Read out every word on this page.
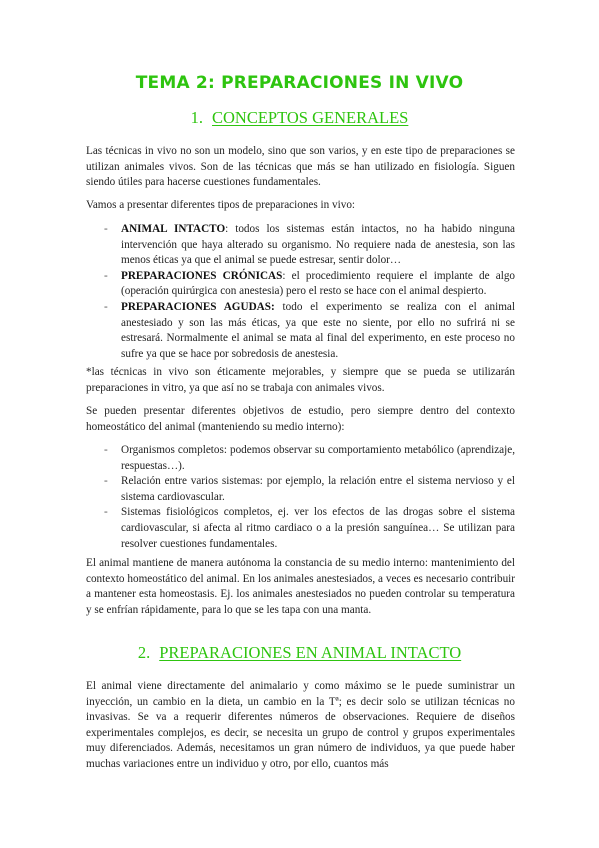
TEMA 2: PREPARACIONES IN VIVO
1. CONCEPTOS GENERALES

Las técnicas in vivo no son un modelo, sino que son varios, y en este tipo de preparaciones se utilizan animales vivos. Son de las técnicas que más se han utilizado en fisiología. Siguen siendo útiles para hacerse cuestiones fundamentales.

Vamos a presentar diferentes tipos de preparaciones in vivo:

- ANIMAL INTACTO: todos los sistemas están intactos, no ha habido ninguna intervención que haya alterado su organismo. No requiere nada de anestesia, son las menos éticas ya que el animal se puede estresar, sentir dolor…
- PREPARACIONES CRÓNICAS: el procedimiento requiere el implante de algo (operación quirúrgica con anestesia) pero el resto se hace con el animal despierto.
- PREPARACIONES AGUDAS: todo el experimento se realiza con el animal anestesiado y son las más éticas, ya que este no siente, por ello no sufrirá ni se estresará. Normalmente el animal se mata al final del experimento, en este proceso no sufre ya que se hace por sobredosis de anestesia.

*las técnicas in vivo son éticamente mejorables, y siempre que se pueda se utilizarán preparaciones in vitro, ya que así no se trabaja con animales vivos.

Se pueden presentar diferentes objetivos de estudio, pero siempre dentro del contexto homeostático del animal (manteniendo su medio interno):

- Organismos completos: podemos observar su comportamiento metabólico (aprendizaje, respuestas…).
- Relación entre varios sistemas: por ejemplo, la relación entre el sistema nervioso y el sistema cardiovascular.
- Sistemas fisiológicos completos, ej. ver los efectos de las drogas sobre el sistema cardiovascular, si afecta al ritmo cardiaco o a la presión sanguínea… Se utilizan para resolver cuestiones fundamentales.

El animal mantiene de manera autónoma la constancia de su medio interno: mantenimiento del contexto homeostático del animal. En los animales anestesiados, a veces es necesario contribuir a mantener esta homeostasis. Ej. los animales anestesiados no pueden controlar su temperatura y se enfrían rápidamente, para lo que se les tapa con una manta.

2. PREPARACIONES EN ANIMAL INTACTO

El animal viene directamente del animalario y como máximo se le puede suministrar un inyección, un cambio en la dieta, un cambio en la Tª; es decir solo se utilizan técnicas no invasivas. Se va a requerir diferentes números de observaciones. Requiere de diseños experimentales complejos, es decir, se necesita un grupo de control y grupos experimentales muy diferenciados. Además, necesitamos un gran número de individuos, ya que puede haber muchas variaciones entre un individuo y otro, por ello, cuantos más
